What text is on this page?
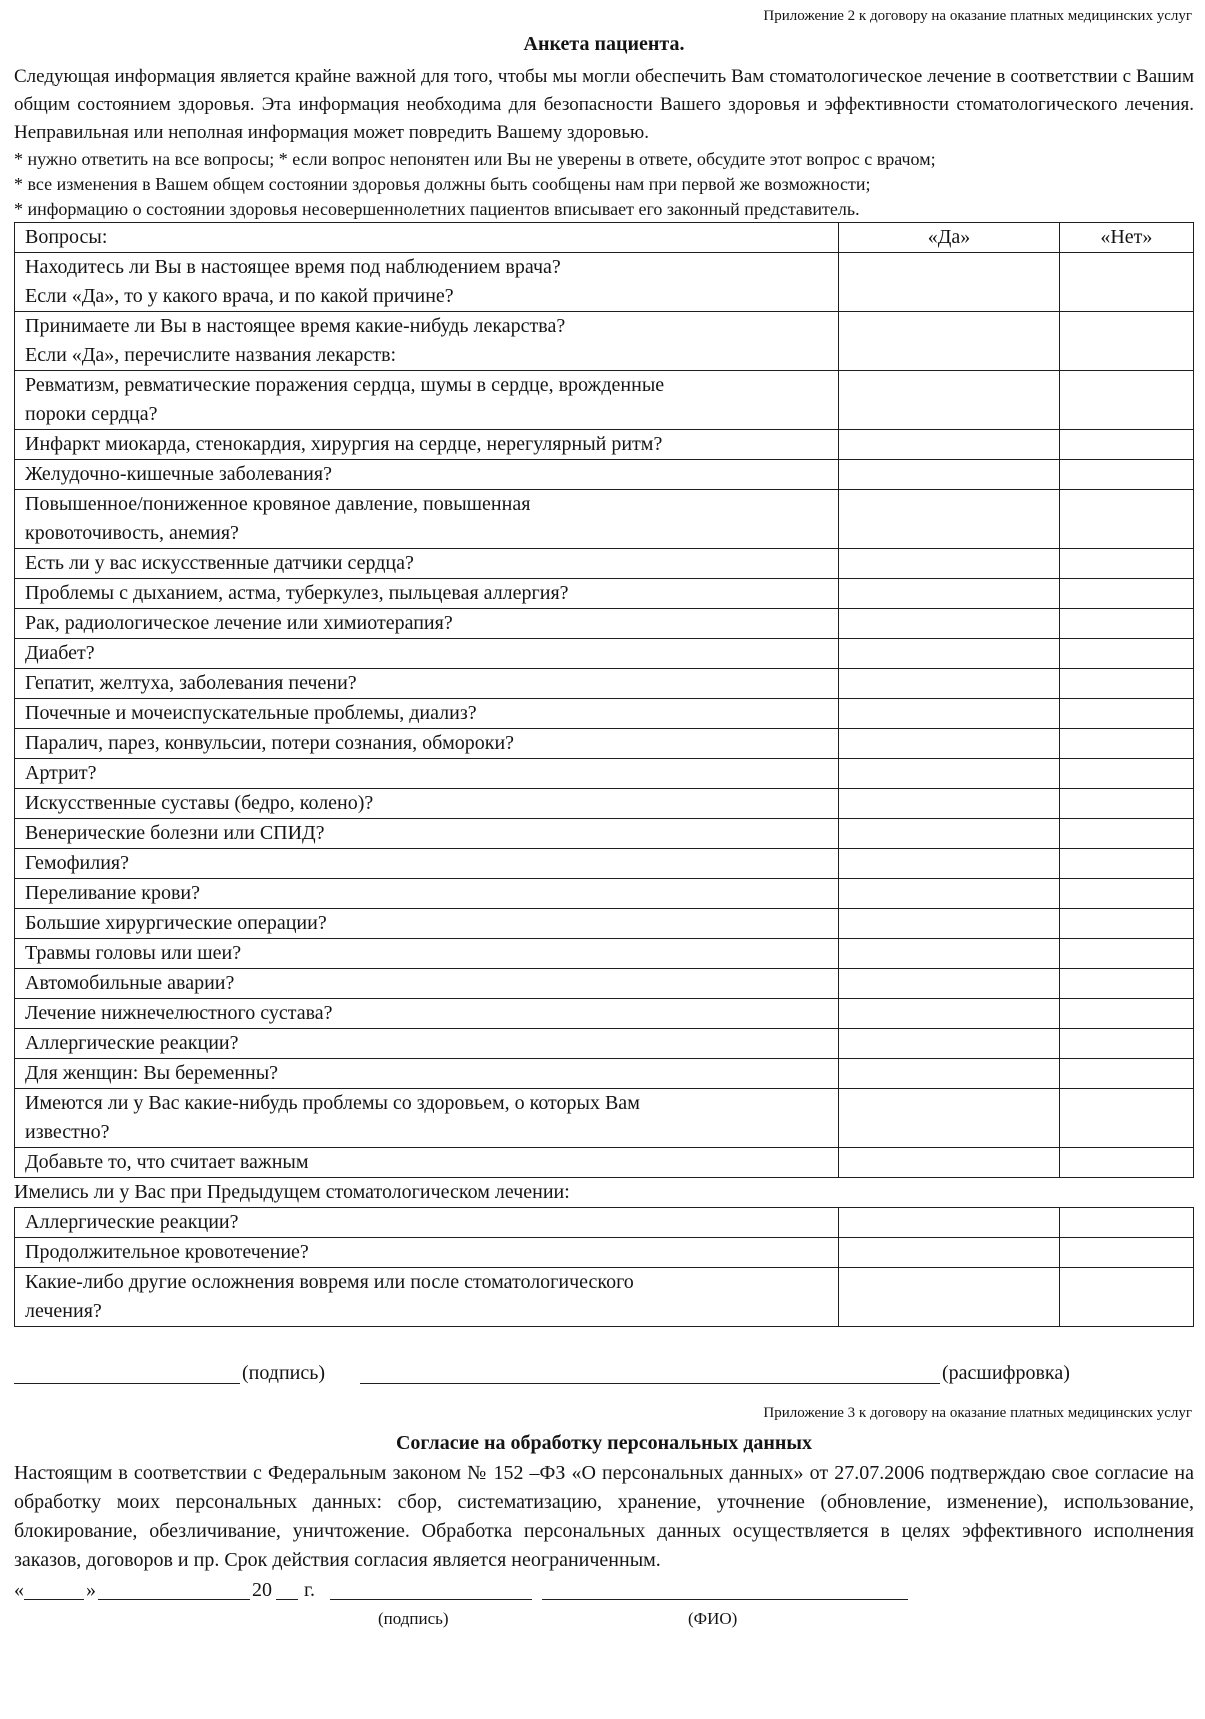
Приложение 2 к договору на оказание платных медицинских услуг
Анкета пациента.
Следующая информация является крайне важной для того, чтобы мы могли обеспечить Вам стоматологическое лечение в соответствии с Вашим общим состоянием здоровья. Эта информация необходима для безопасности Вашего здоровья и эффективности стоматологического лечения. Неправильная или неполная информация может повредить Вашему здоровью.
* нужно ответить на все вопросы; * если вопрос непонятен или Вы не уверены в ответе, обсудите этот вопрос с врачом;
* все изменения в Вашем общем состоянии здоровья должны быть сообщены нам при первой же возможности;
* информацию о состоянии здоровья несовершеннолетних пациентов вписывает его законный представитель.
Вопросы:	«Да»	«Нет»

Находитесь ли Вы в настоящее время под наблюдением врача?
Если «Да», то у какого врача, и по какой причине?		

Принимаете ли Вы в настоящее время какие-нибудь лекарства?
Если «Да», перечислите названия лекарств:		

Ревматизм, ревматические поражения сердца, шумы в сердце, врожденные
пороки сердца?		

Инфаркт миокарда, стенокардия, хирургия на сердце, нерегулярный ритм?		

Желудочно-кишечные заболевания?		

Повышенное/пониженное кровяное давление, повышенная
кровоточивость, анемия?		

Есть ли у вас искусственные датчики сердца?		

Проблемы с дыханием, астма, туберкулез, пыльцевая аллергия?		

Рак, радиологическое лечение или химиотерапия?		

Диабет?		

Гепатит, желтуха, заболевания печени?		

Почечные и мочеиспускательные проблемы, диализ?		

Паралич, парез, конвульсии, потери сознания, обмороки?		

Артрит?		

Искусственные суставы (бедро, колено)?		

Венерические болезни или СПИД?		

Гемофилия?		

Переливание крови?		

Большие хирургические операции?		

Травмы головы или шеи?		

Автомобильные аварии?		

Лечение нижнечелюстного сустава?		

Аллергические реакции?		

Для женщин: Вы беременны?		

Имеются ли у Вас какие-нибудь проблемы со здоровьем, о которых Вам
известно?		

Добавьте то, что считает важным		

Имелись ли у Вас при Предыдущем стоматологическом лечении:
Аллергические реакции?		

Продолжительное кровотечение?		

Какие-либо другие осложнения вовремя или после стоматологического
лечения?		

(подпись)	(расшифровка)
Приложение 3 к договору на оказание платных медицинских услуг
Согласие на обработку персональных данных
Настоящим в соответствии с Федеральным законом № 152 –ФЗ «О персональных данных» от 27.07.2006 подтверждаю свое согласие на обработку моих персональных данных: сбор, систематизацию, хранение, уточнение (обновление, изменение), использование, блокирование, обезличивание, уничтожение. Обработка персональных данных осуществляется в целях эффективного исполнения заказов, договоров и пр. Срок действия согласия является неограниченным.
«	»	20 г.
(подпись)	(ФИО)
